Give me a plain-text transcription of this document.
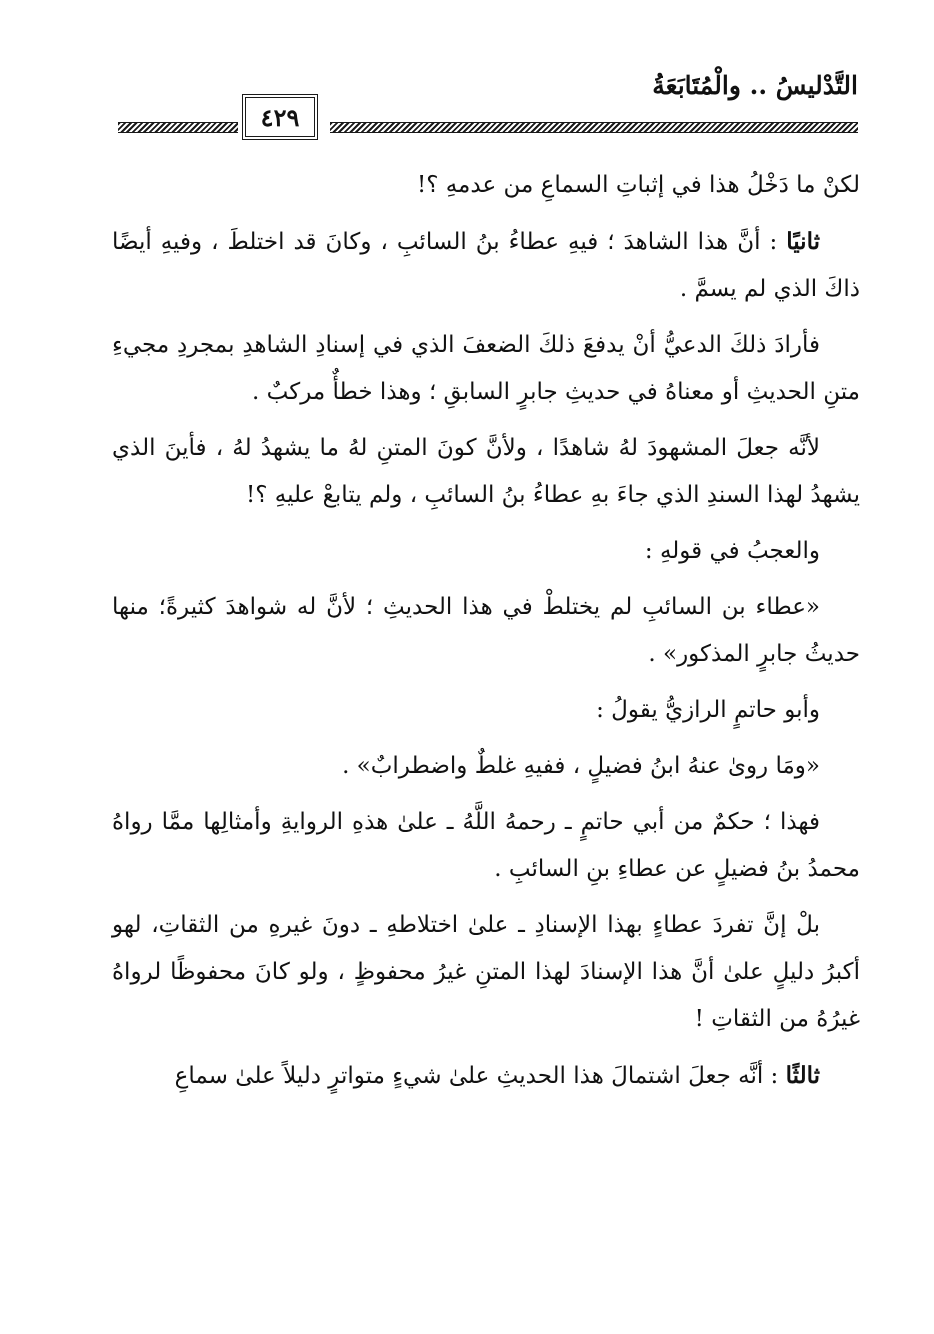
التَّدْليسُ .. والْمُتَابَعَةُ
٤٢٩

لكنْ ما دَخْلُ هذا في إثباتِ السماعِ من عدمهِ ؟!

ثانيًا : أنَّ هذا الشاهدَ ؛ فيهِ عطاءُ بنُ السائبِ ، وكانَ قد اختلطَ ، وفيهِ أيضًا ذاكَ الذي لم يسمَّ .

فأرادَ ذلكَ الدعيُّ أنْ يدفعَ ذلكَ الضعفَ الذي في إسنادِ الشاهدِ بمجردِ مجيءِ متنِ الحديثِ أو معناهُ في حديثِ جابرٍ السابقِ ؛ وهذا خطأٌ مركبٌ .

لأنَّه جعلَ المشهودَ لهُ شاهدًا ، ولأنَّ كونَ المتنِ لهُ ما يشهدُ لهُ ، فأينَ الذي يشهدُ لهذا السندِ الذي جاءَ بهِ عطاءُ بنُ السائبِ ، ولم يتابعْ عليهِ ؟!

والعجبُ في قولهِ :

«عطاء بن السائبِ لم يختلطْ في هذا الحديثِ ؛ لأنَّ له شواهدَ كثيرةً؛ منها حديثُ جابرٍ المذكور» .

وأبو حاتمٍ الرازيُّ يقولُ :

«ومَا روىٰ عنهُ ابنُ فضيلٍ ، ففيهِ غلطٌ واضطرابٌ» .

فهذا ؛ حكمٌ من أبي حاتمٍ ـ رحمهُ اللَّهُ ـ علىٰ هذهِ الروايةِ وأمثالِها ممَّا رواهُ محمدُ بنُ فضيلٍ عن عطاءِ بنِ السائبِ .

بلْ إنَّ تفردَ عطاءٍ بهذا الإسنادِ ـ علىٰ اختلاطهِ ـ دونَ غيرهِ من الثقاتِ، لهو أكبرُ دليلٍ علىٰ أنَّ هذا الإسنادَ لهذا المتنِ غيرُ محفوظٍ ، ولو كانَ محفوظًا لرواهُ غيرُهُ من الثقاتِ !

ثالثًا : أنَّه جعلَ اشتمالَ هذا الحديثِ علىٰ شيءٍ متواترٍ دليلاً علىٰ سماعِ
